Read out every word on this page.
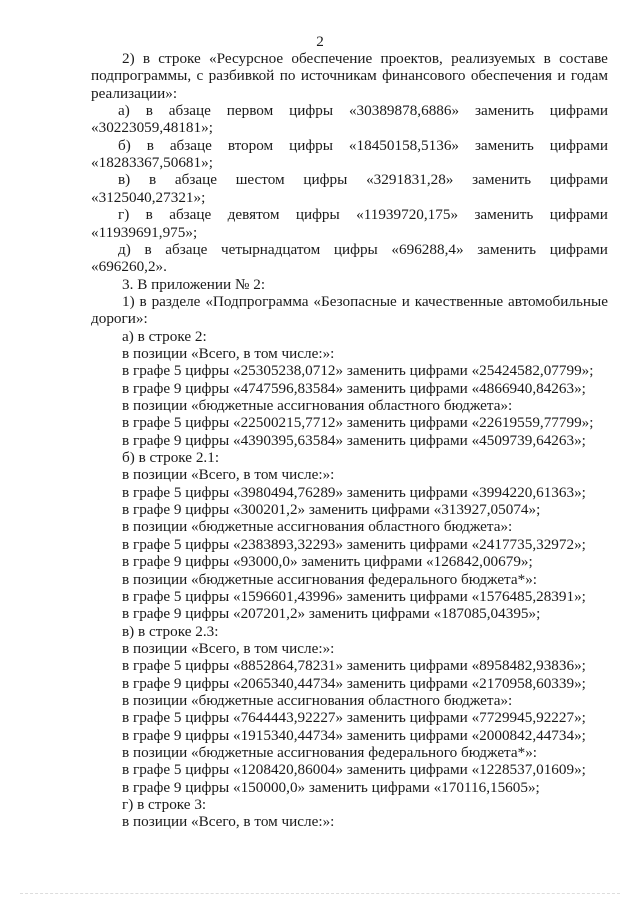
2
2) в строке «Ресурсное обеспечение проектов, реализуемых в составе
подпрограммы, с разбивкой по источникам финансового обеспечения и годам
реализации»:
а) в абзаце первом цифры «30389878,6886» заменить цифрами
«30223059,48181»;
б) в абзаце втором цифры «18450158,5136» заменить цифрами
«18283367,50681»;
в) в абзаце шестом цифры «3291831,28» заменить цифрами
«3125040,27321»;
г) в абзаце девятом цифры «11939720,175» заменить цифрами
«11939691,975»;
д) в абзаце четырнадцатом цифры «696288,4» заменить цифрами
«696260,2».
3. В приложении № 2:
1) в разделе «Подпрограмма «Безопасные и качественные автомобильные
дороги»:
а) в строке 2:
в позиции «Всего, в том числе:»:
в графе 5 цифры «25305238,0712» заменить цифрами «25424582,07799»;
в графе 9 цифры «4747596,83584» заменить цифрами «4866940,84263»;
в позиции «бюджетные ассигнования областного бюджета»:
в графе 5 цифры «22500215,7712» заменить цифрами «22619559,77799»;
в графе 9 цифры «4390395,63584» заменить цифрами «4509739,64263»;
б) в строке 2.1:
в позиции «Всего, в том числе:»:
в графе 5 цифры «3980494,76289» заменить цифрами «3994220,61363»;
в графе 9 цифры «300201,2» заменить цифрами «313927,05074»;
в позиции «бюджетные ассигнования областного бюджета»:
в графе 5 цифры «2383893,32293» заменить цифрами «2417735,32972»;
в графе 9 цифры «93000,0» заменить цифрами «126842,00679»;
в позиции «бюджетные ассигнования федерального бюджета*»:
в графе 5 цифры «1596601,43996» заменить цифрами «1576485,28391»;
в графе 9 цифры «207201,2» заменить цифрами «187085,04395»;
в) в строке 2.3:
в позиции «Всего, в том числе:»:
в графе 5 цифры «8852864,78231» заменить цифрами «8958482,93836»;
в графе 9 цифры «2065340,44734» заменить цифрами «2170958,60339»;
в позиции «бюджетные ассигнования областного бюджета»:
в графе 5 цифры «7644443,92227» заменить цифрами «7729945,92227»;
в графе 9 цифры «1915340,44734» заменить цифрами «2000842,44734»;
в позиции «бюджетные ассигнования федерального бюджета*»:
в графе 5 цифры «1208420,86004» заменить цифрами «1228537,01609»;
в графе 9 цифры «150000,0» заменить цифрами «170116,15605»;
г) в строке 3:
в позиции «Всего, в том числе:»:
